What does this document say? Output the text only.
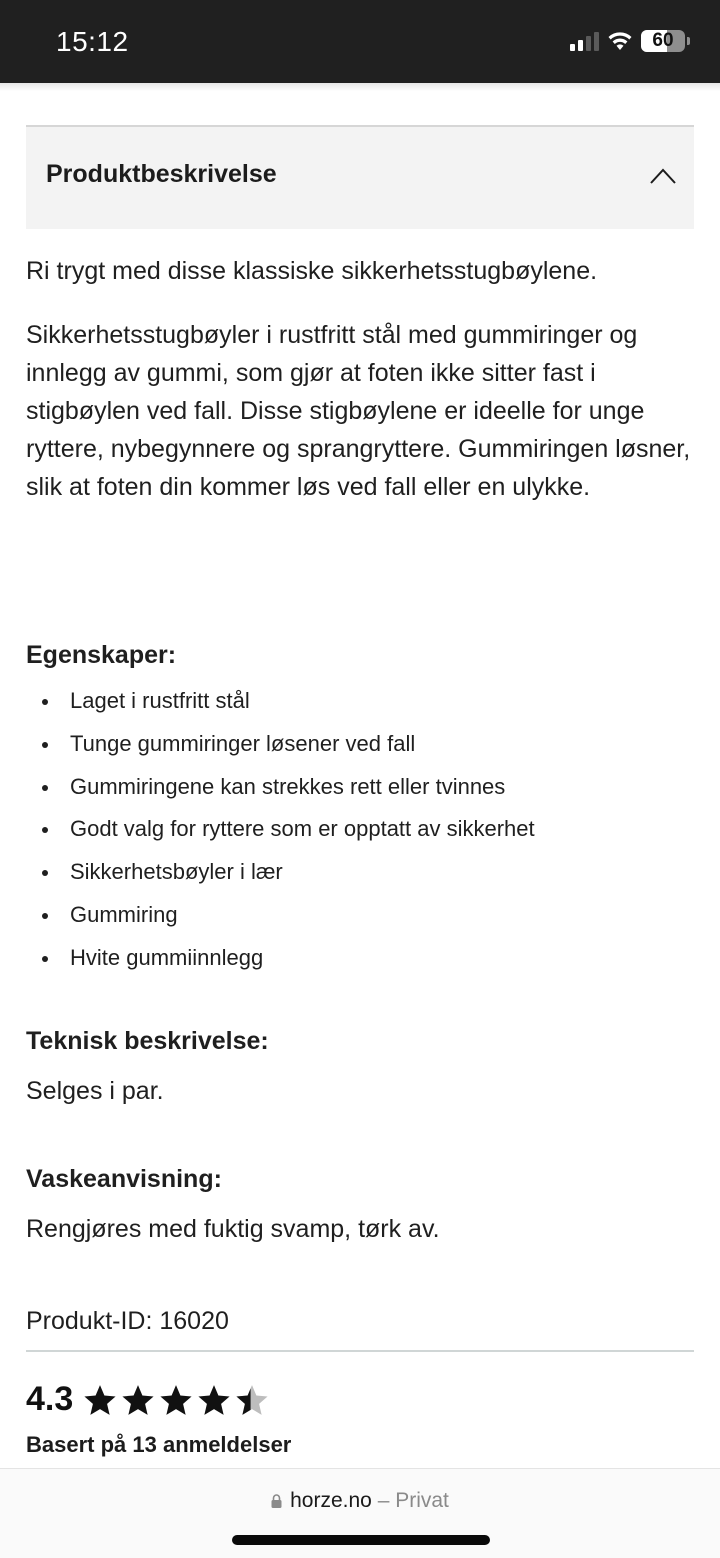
15:12	60
Produktbeskrivelse

Ri trygt med disse klassiske sikkerhetsstugbøylene.

Sikkerhetsstugbøyler i rustfritt stål med gummiringer og innlegg av gummi, som gjør at foten ikke sitter fast i stigbøylen ved fall. Disse stigbøylene er ideelle for unge ryttere, nybegynnere og sprangryttere. Gummiringen løsner, slik at foten din kommer løs ved fall eller en ulykke.

Egenskaper:
Laget i rustfritt stål
Tunge gummiringer løsener ved fall
Gummiringene kan strekkes rett eller tvinnes
Godt valg for ryttere som er opptatt av sikkerhet
Sikkerhetsbøyler i lær
Gummiring
Hvite gummiinnlegg
Teknisk beskrivelse:

Selges i par.

Vaskeanvisning:

Rengjøres med fuktig svamp, tørk av.

Produkt-ID: 16020

4.3
Basert på 13 anmeldelser
horze.no – Privat
